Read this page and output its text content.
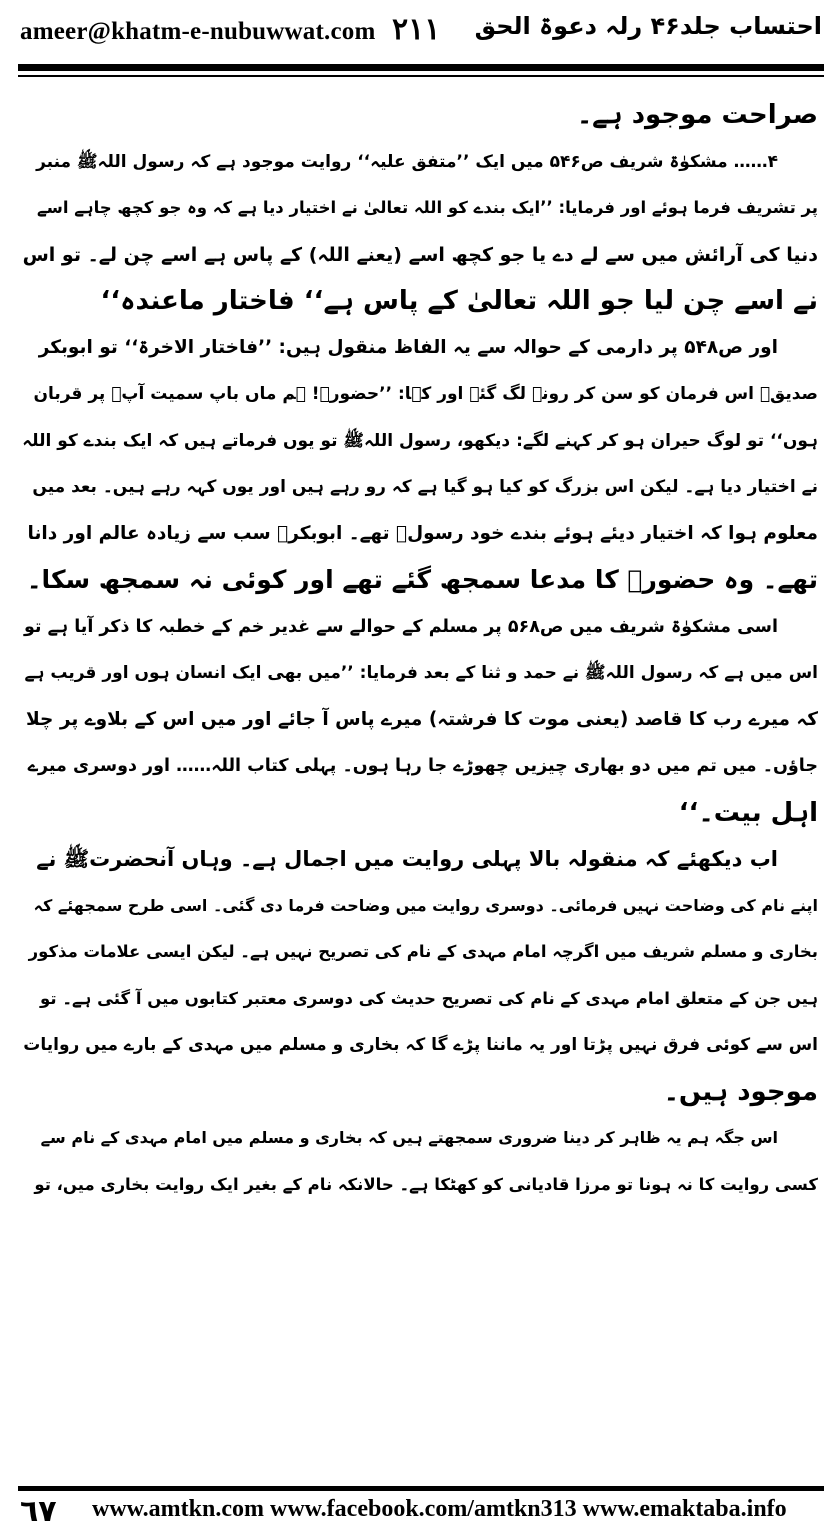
ameer@khatm-e-nubuwwat.com ۲۱۱ احتساب جلد۴۶ رلہ دعوۃ الحق

صراحت موجود ہے۔

۴…… مشکوٰۃ شریف ص۵۴۶ میں ایک ’’متفق علیہ‘‘ روایت موجود ہے کہ رسول اللہﷺ منبر

پر تشریف فرما ہوئے اور فرمایا: ’’ایک بندے کو اللہ تعالیٰ نے اختیار دیا ہے کہ وہ جو کچھ چاہے اسے

دنیا کی آرائش میں سے لے دے یا جو کچھ اسے (یعنے اللہ) کے پاس ہے اسے چن لے۔ تو اس

نے اسے چن لیا جو اللہ تعالیٰ کے پاس ہے‘‘ فاختار ماعندہ‘‘

اور ص۵۴۸ پر دارمی کے حوالہ سے یہ الفاظ منقول ہیں: ’’فاختار الاخرۃ‘‘ تو ابوبکر

صدیقؓ اس فرمان کو سن کر رونے لگ گئے اور کہا: ’’حضورﷺ! ہم ماں باپ سمیت آپؐ پر قربان

ہوں‘‘ تو لوگ حیران ہو کر کہنے لگے: دیکھو، رسول اللہﷺ تو یوں فرماتے ہیں کہ ایک بندے کو اللہ

نے اختیار دیا ہے۔ لیکن اس بزرگ کو کیا ہو گیا ہے کہ رو رہے ہیں اور یوں کہہ رہے ہیں۔ بعد میں

معلوم ہوا کہ اختیار دیئے ہوئے بندے خود رسولﷺ تھے۔ ابوبکرؓ سب سے زیادہ عالم اور دانا

تھے۔ وہ حضورؐ کا مدعا سمجھ گئے تھے اور کوئی نہ سمجھ سکا۔

اسی مشکوٰۃ شریف میں ص۵۶۸ پر مسلم کے حوالے سے غدیر خم کے خطبہ کا ذکر آیا ہے تو

اس میں ہے کہ رسول اللہﷺ نے حمد و ثنا کے بعد فرمایا: ’’میں بھی ایک انسان ہوں اور قریب ہے

کہ میرے رب کا قاصد (یعنی موت کا فرشتہ) میرے پاس آ جائے اور میں اس کے بلاوے پر چلا

جاؤں۔ میں تم میں دو بھاری چیزیں چھوڑے جا رہا ہوں۔ پہلی کتاب اللہ…… اور دوسری میرے

اہل بیت۔‘‘

اب دیکھئے کہ منقولہ بالا پہلی روایت میں اجمال ہے۔ وہاں آنحضرتﷺ نے

اپنے نام کی وضاحت نہیں فرمائی۔ دوسری روایت میں وضاحت فرما دی گئی۔ اسی طرح سمجھئے کہ

بخاری و مسلم شریف میں اگرچہ امام مہدی کے نام کی تصریح نہیں ہے۔ لیکن ایسی علامات مذکور

ہیں جن کے متعلق امام مہدی کے نام کی تصریح حدیث کی دوسری معتبر کتابوں میں آ گئی ہے۔ تو

اس سے کوئی فرق نہیں پڑتا اور یہ ماننا پڑے گا کہ بخاری و مسلم میں مہدی کے بارے میں روایات

موجود ہیں۔

اس جگہ ہم یہ ظاہر کر دینا ضروری سمجھتے ہیں کہ بخاری و مسلم میں امام مہدی کے نام سے

کسی روایت کا نہ ہونا تو مرزا قادیانی کو کھٹکا ہے۔ حالانکہ نام کے بغیر ایک روایت بخاری میں، تو

٦٧ www.amtkn.com www.facebook.com/amtkn313 www.emaktaba.info
